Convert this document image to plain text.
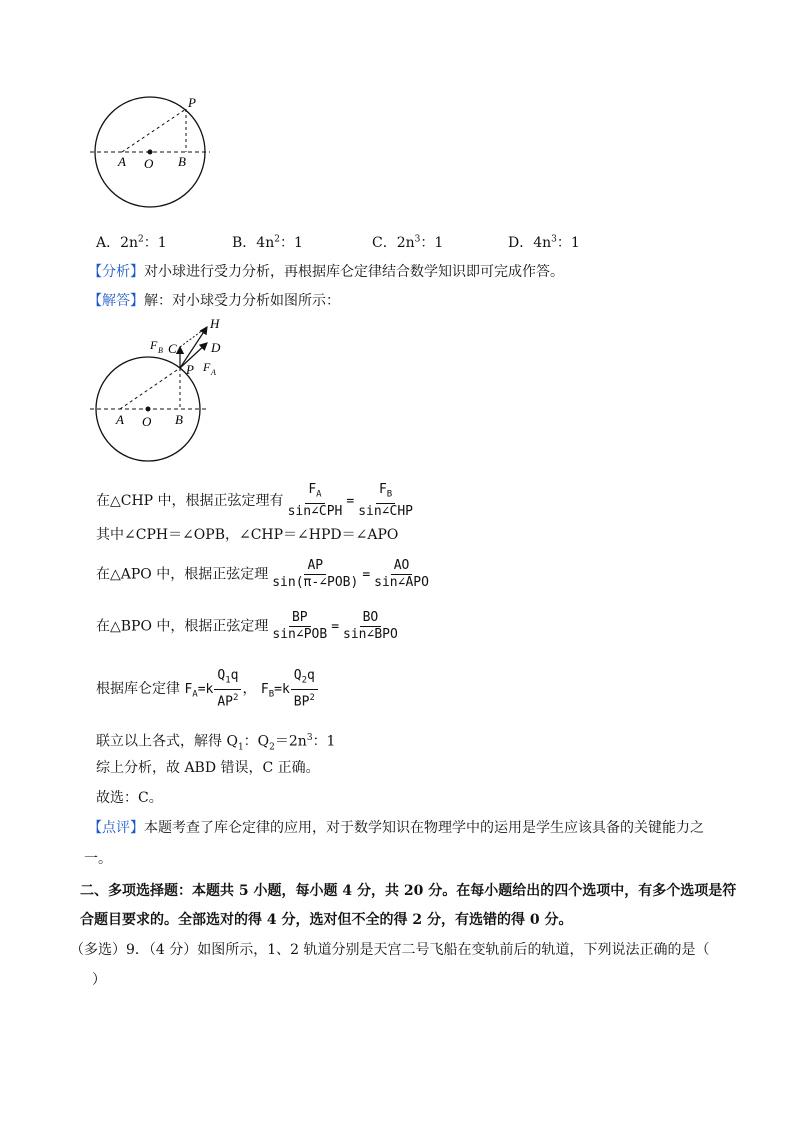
P
A O B
A．$2n^2$：1	B．$4n^2$：1	C．$2n^3$：1	D．$4n^3$：1
【分析】对小球进行受力分析，再根据库仑定律结合数学知识即可完成作答。
【解答】解：对小球受力分析如图所示：
H
F B C	D
P F A
A O B
在△CHP 中，根据正弦定理有 $\frac{F_A}{\text{sin∠CPH}} = \frac{F_B}{\text{sin∠CHP}}$
其中∠CPH＝∠OPB，∠CHP＝∠HPD＝∠APO
在△APO 中，根据正弦定理 $\frac{AP}{\text{sin(π-∠POB)}} = \frac{AO}{\text{sin∠APO}}$
在△BPO 中，根据正弦定理 $\frac{BP}{\text{sin∠POB}} = \frac{BO}{\text{sin∠BPO}}$
根据库仑定律 $F_A=k \frac{Q_1q}{AP^2}$ ， $F_B=k \frac{Q_2q}{BP^2}$
联立以上各式，解得 $Q_1$：$Q_2=2n^3$：1
综上分析，故 ABD 错误，C 正确。
故选：C。
【点评】本题考查了库仑定律的应用，对于数学知识在物理学中的运用是学生应该具备的关键能力之
一。
二、多项选择题：本题共 5 小题，每小题 4 分，共 20 分。在每小题给出的四个选项中，有多个选项是符
合题目要求的。全部选对的得 4 分，选对但不全的得 2 分，有选错的得 0 分。
（多选）9．（4 分）如图所示，1、2 轨道分别是天宫二号飞船在变轨前后的轨道，下列说法正确的是（
）
